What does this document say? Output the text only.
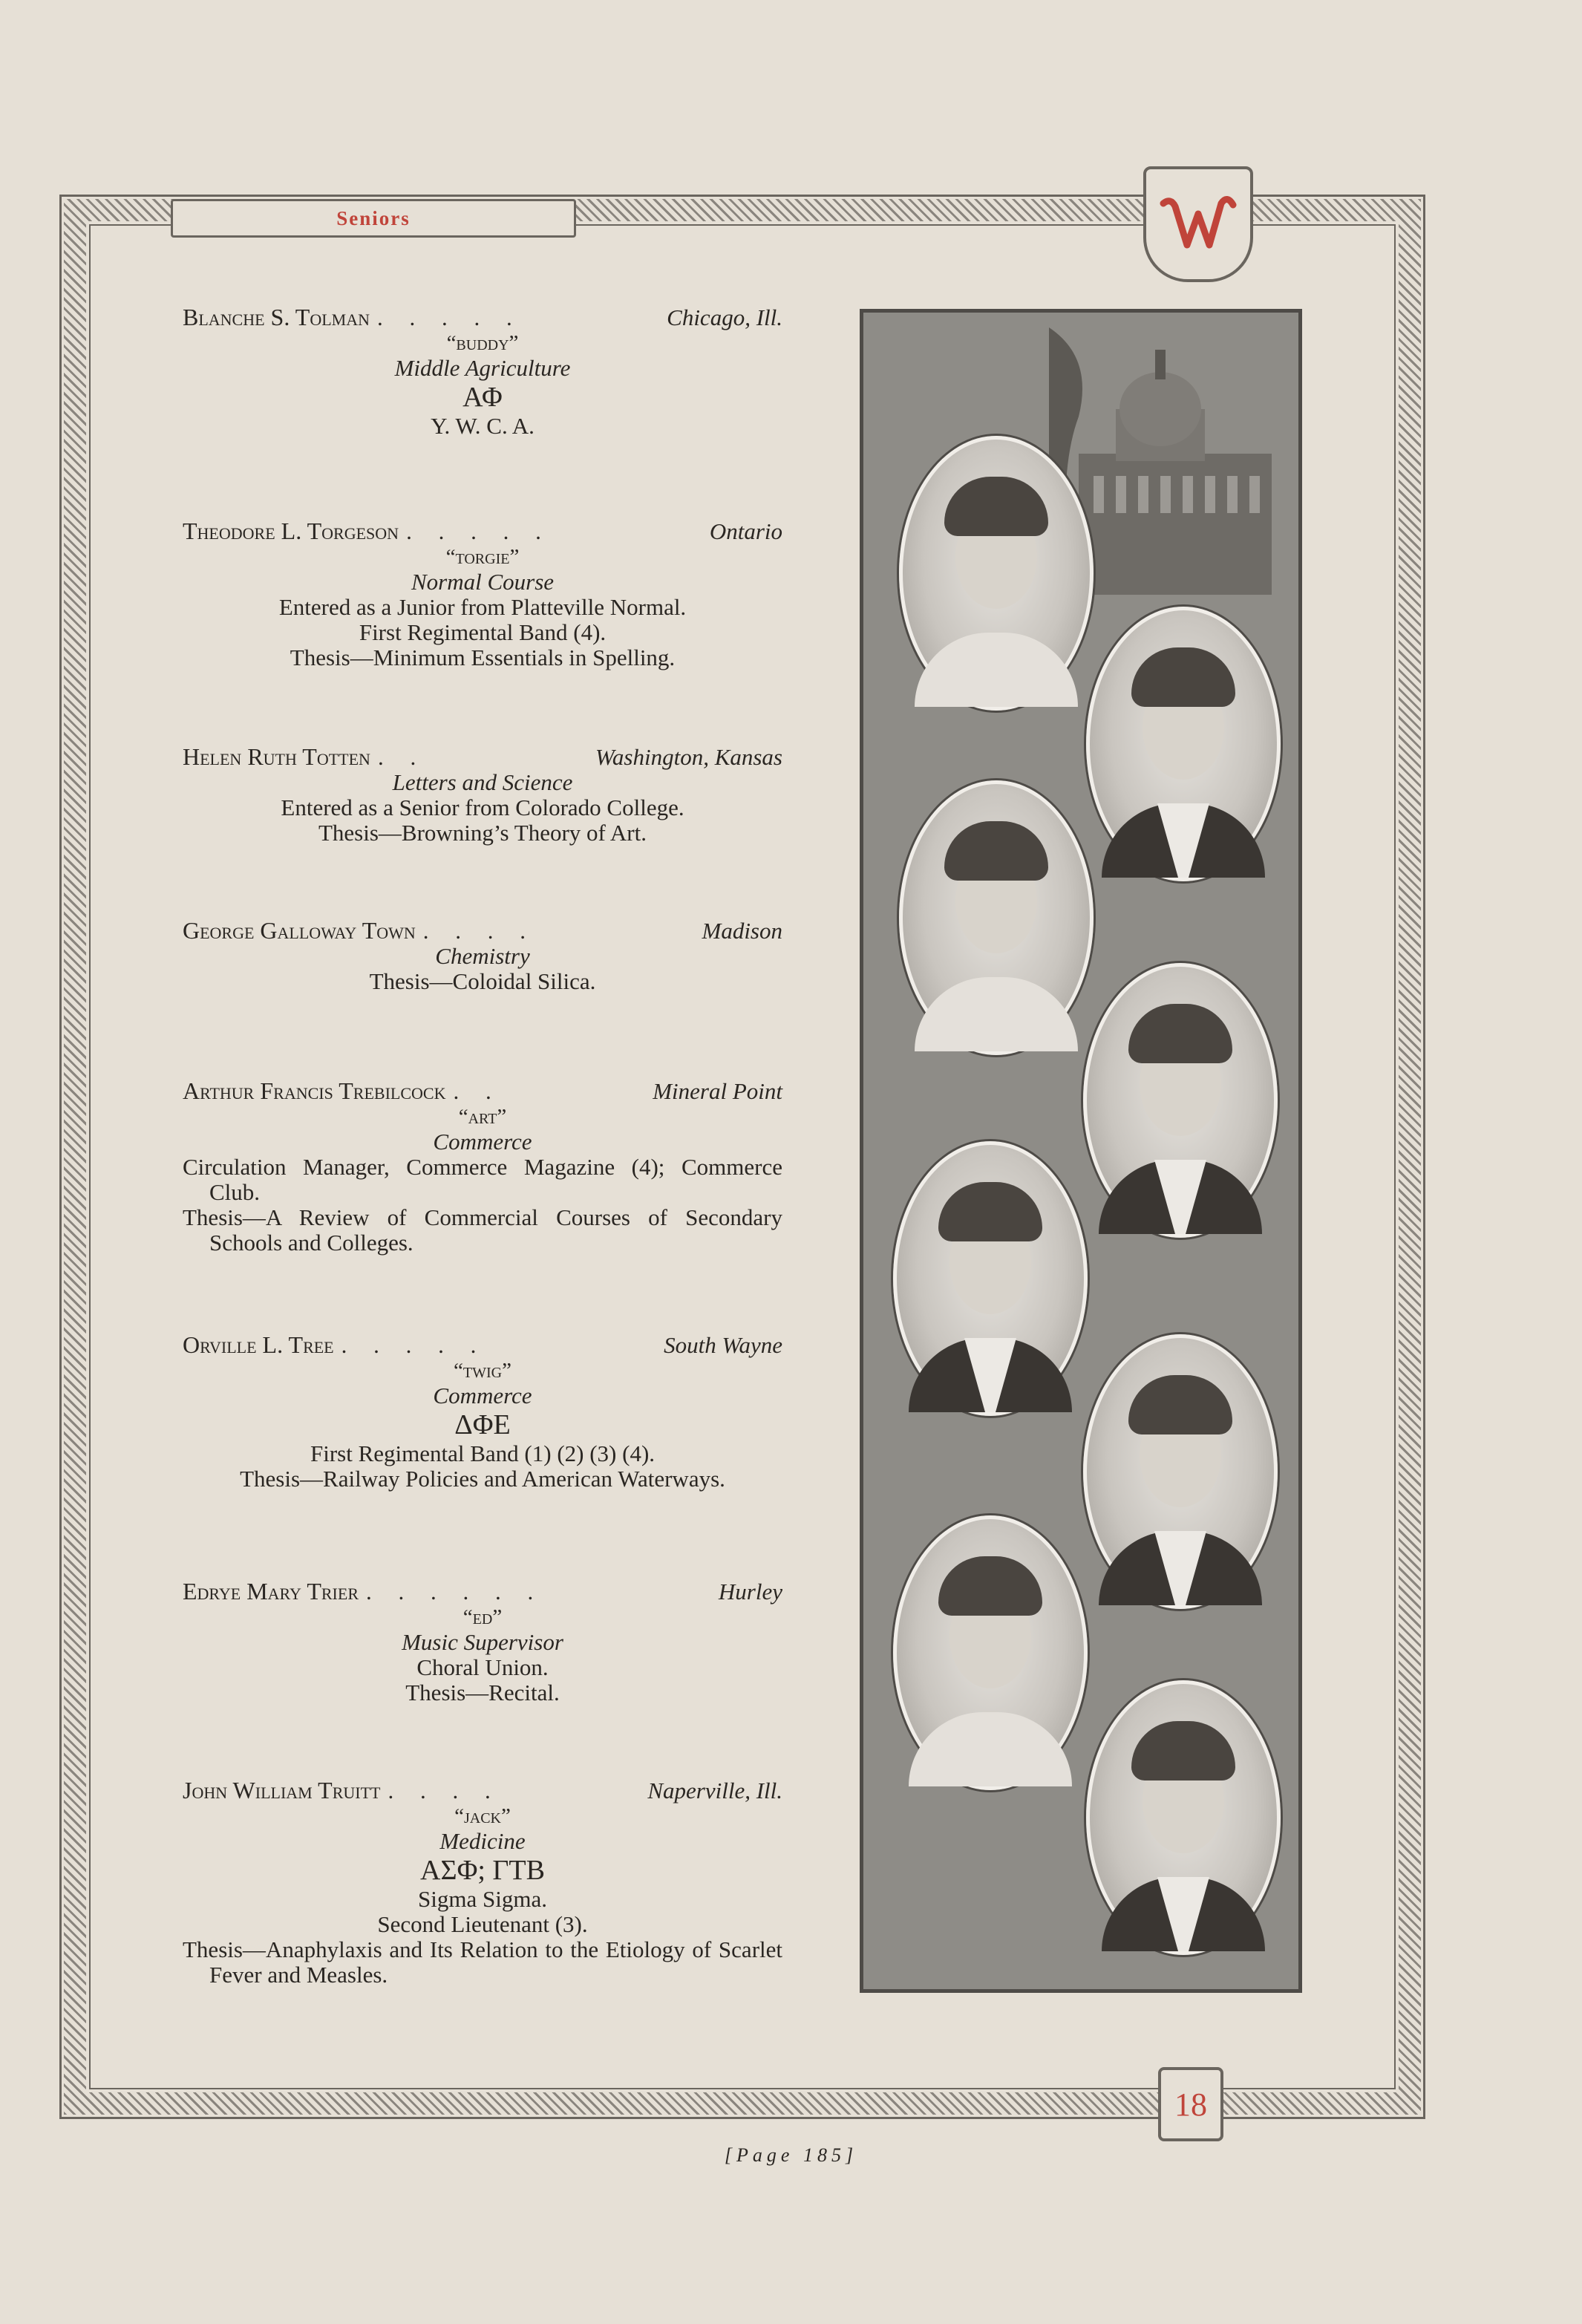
Seniors
18
Blanche S. Tolman . . . . .	Chicago, Ill.
“buddy”
Middle Agriculture
ΑΦ
Y. W. C. A.
Theodore L. Torgeson . . . . .	Ontario
“torgie”
Normal Course
Entered as a Junior from Platteville Normal.
First Regimental Band (4).
Thesis—Minimum Essentials in Spelling.
Helen Ruth Totten . .	Washington, Kansas
Letters and Science
Entered as a Senior from Colorado College.
Thesis—Browning’s Theory of Art.
George Galloway Town . . . .	Madison
Chemistry
Thesis—Coloidal Silica.
Arthur Francis Trebilcock . .	Mineral Point
“art”
Commerce
Circulation Manager, Commerce Magazine (4); Commerce Club.
Thesis—A Review of Commercial Courses of Secondary Schools and Colleges.
Orville L. Tree . . . . .	South Wayne
“twig”
Commerce
ΔΦΕ
First Regimental Band (1) (2) (3) (4).
Thesis—Railway Policies and American Waterways.
Edrye Mary Trier . . . . . .	Hurley
“ed”
Music Supervisor
Choral Union.
Thesis—Recital.
John William Truitt . . . .	Naperville, Ill.
“jack”
Medicine
ΑΣΦ; ΓΤΒ
Sigma Sigma.
Second Lieutenant (3).
Thesis—Anaphylaxis and Its Relation to the Etiology of Scarlet Fever and Measles.
[Page 185]
